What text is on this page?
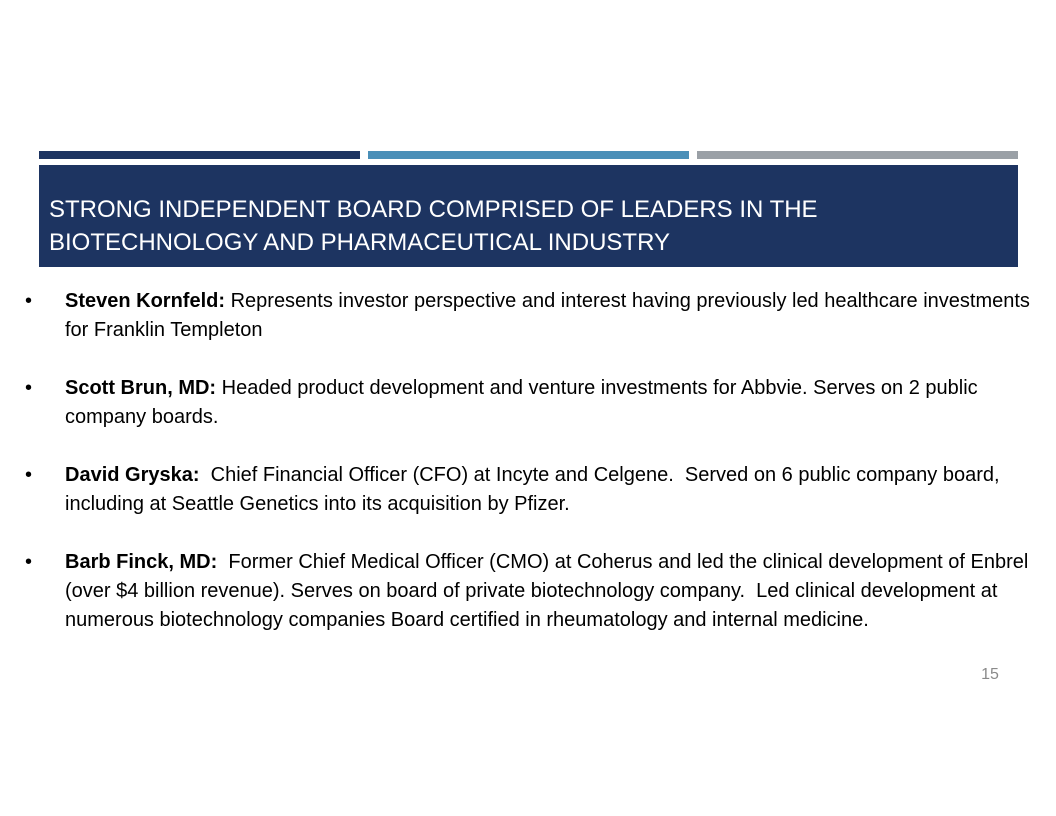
STRONG INDEPENDENT BOARD COMPRISED OF LEADERS IN THE BIOTECHNOLOGY AND PHARMACEUTICAL INDUSTRY
• Steven Kornfeld: Represents investor perspective and interest having previously led healthcare investments for Franklin Templeton
• Scott Brun, MD: Headed product development and venture investments for Abbvie. Serves on 2 public company boards.
• David Gryska:  Chief Financial Officer (CFO) at Incyte and Celgene.  Served on 6 public company board, including at Seattle Genetics into its acquisition by Pfizer.
• Barb Finck, MD:  Former Chief Medical Officer (CMO) at Coherus and led the clinical development of Enbrel (over $4 billion revenue). Serves on board of private biotechnology company.  Led clinical development at numerous biotechnology companies Board certified in rheumatology and internal medicine.
15
